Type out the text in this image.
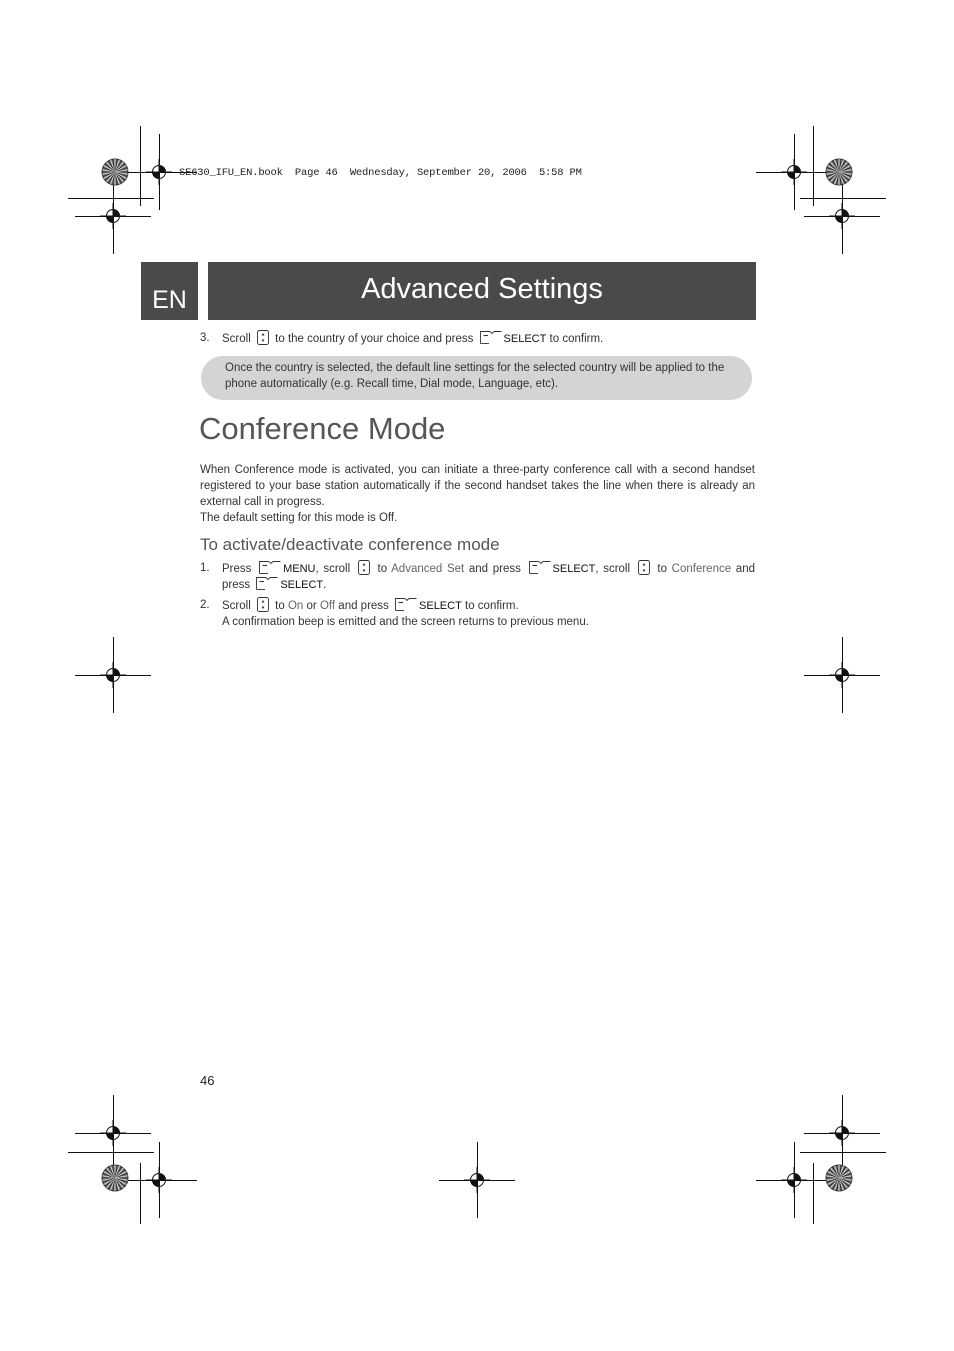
SE630_IFU_EN.book  Page 46  Wednesday, September 20, 2006  5:58 PM
EN	Advanced Settings
3. Scroll to the country of your choice and press	SELECT to confirm.
Once the country is selected, the default line settings for the selected country will be applied to the phone automatically (e.g. Recall time, Dial mode, Language, etc).
Conference Mode
When Conference mode is activated, you can initiate a three-party conference call with a second handset registered to your base station automatically if the second handset takes the line when there is already an external call in progress.
The default setting for this mode is Off.
To activate/deactivate conference mode
1. Press	MENU, scroll to Advanced Set and press	SELECT, scroll to Conference and press	SELECT.
2. Scroll to On or Off and press	SELECT to confirm.
A confirmation beep is emitted and the screen returns to previous menu.
46
